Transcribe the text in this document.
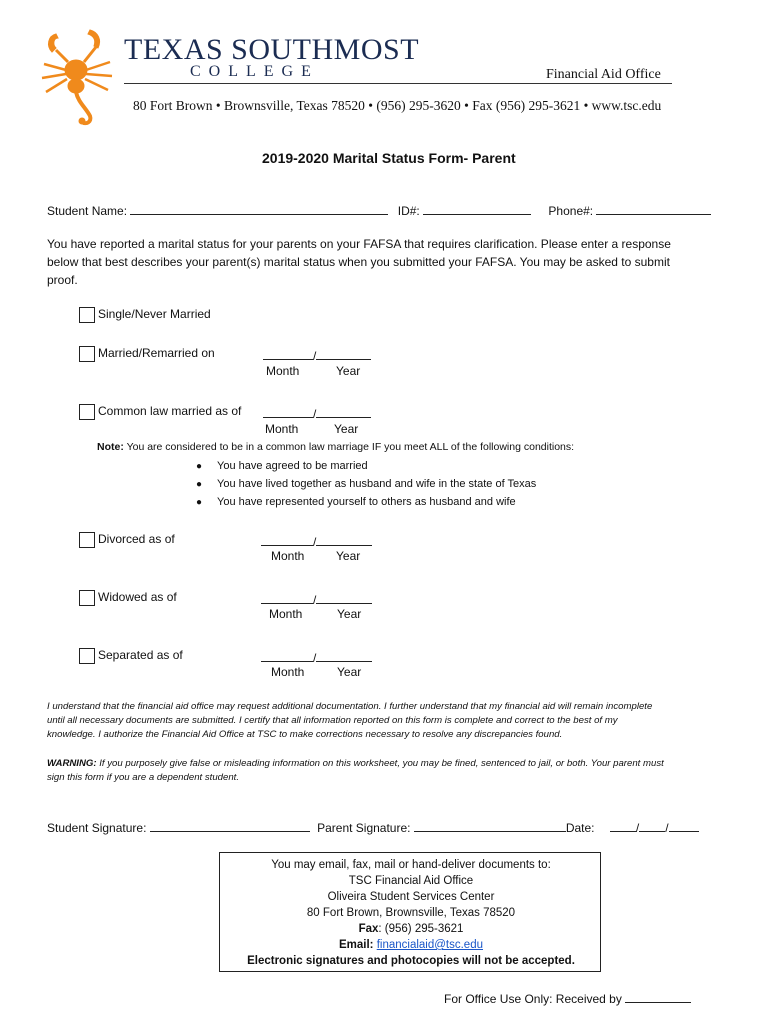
TEXAS SOUTHMOST
COLLEGE	Financial Aid Office
80 Fort Brown • Brownsville, Texas 78520 • (956) 295-3620 • Fax (956) 295-3621 • www.tsc.edu
2019-2020 Marital Status Form- Parent
Student Name:	ID#:	Phone#:
You have reported a marital status for your parents on your FAFSA that requires clarification. Please enter a response
below that best describes your parent(s) marital status when you submitted your FAFSA. You may be asked to submit
proof.
Single/Never Married
Married/Remarried on	/
Month	Year
Common law married as of	/
Month	Year
Note: You are considered to be in a common law marriage IF you meet ALL of the following conditions:
● You have agreed to be married
● You have lived together as husband and wife in the state of Texas
● You have represented yourself to others as husband and wife
Divorced as of	/
Month	Year
Widowed as of	/
Month	Year
Separated as of	/
Month	Year
I understand that the financial aid office may request additional documentation. I further understand that my financial aid will remain incomplete
until all necessary documents are submitted. I certify that all information reported on this form is complete and correct to the best of my
knowledge. I authorize the Financial Aid Office at TSC to make corrections necessary to resolve any discrepancies found.
WARNING: If you purposely give false or misleading information on this worksheet, you may be fined, sentenced to jail, or both. Your parent must
sign this form if you are a dependent student.
Student Signature:	Parent Signature:	Date:	/ /
You may email, fax, mail or hand-deliver documents to:
TSC Financial Aid Office
Oliveira Student Services Center
80 Fort Brown, Brownsville, Texas 78520
Fax: (956) 295-3621
Email: financialaid@tsc.edu
Electronic signatures and photocopies will not be accepted.
For Office Use Only: Received by
